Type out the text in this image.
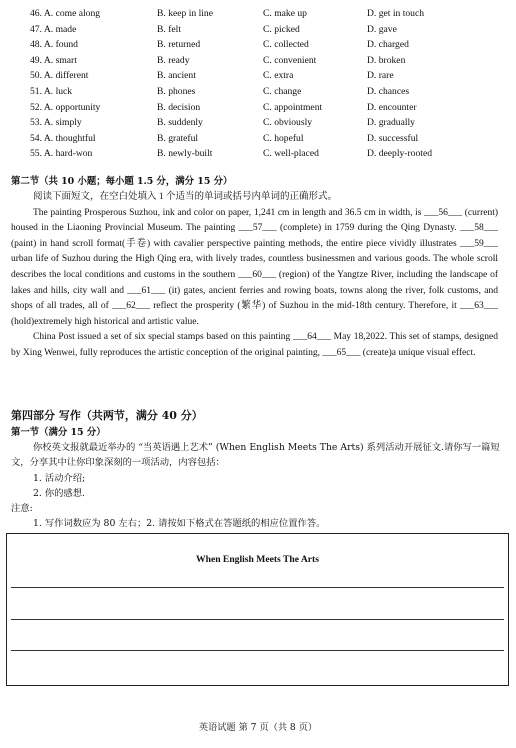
46. A. come along	B. keep in line	C. make up	D. get in touch
47. A. made	B. felt	C. picked	D. gave
48. A. found	B. returned	C. collected	D. charged
49. A. smart	B. ready	C. convenient	D. broken
50. A. different	B. ancient	C. extra	D. rare
51. A. luck	B. phones	C. change	D. chances
52. A. opportunity	B. decision	C. appointment	D. encounter
53. A. simply	B. suddenly	C. obviously	D. gradually
54. A. thoughtful	B. grateful	C. hopeful	D. successful
55. A. hard-won	B. newly-built	C. well-placed	D. deeply-rooted
第二节（共 10 小题；每小题 1.5 分，满分 15 分）

阅读下面短文，在空白处填入 1 个适当的单词或括号内单词的正确形式。

The painting Prosperous Suzhou, ink and color on paper, 1,241 cm in length and 36.5 cm in width, is ___56___ (current) housed in the Liaoning Provincial Museum. The painting ___57___ (complete) in 1759 during the Qing Dynasty. ___58___ (paint) in hand scroll format(手卷) with cavalier perspective painting methods, the entire piece vividly illustrates ___59___ urban life of Suzhou during the High Qing era, with lively trades, countless businessmen and various goods. The whole scroll describes the local conditions and customs in the southern ___60___ (region) of the Yangtze River, including the landscape of lakes and hills, city wall and ___61___ (it) gates, ancient ferries and rowing boats, towns along the river, folk customs, and shops of all trades, all of ___62___ reflect the prosperity (繁华) of Suzhou in the mid-18th century. Therefore, it ___63___ (hold)extremely high historical and artistic value.

China Post issued a set of six special stamps based on this painting ___64___ May 18,2022. This set of stamps, designed by Xing Wenwei, fully reproduces the artistic conception of the original painting, ___65___ (create)a unique visual effect.

第四部分 写作（共两节，满分 40 分）
第一节（满分 15 分）
你校英文报就最近举办的 “当英语遇上艺术” (When English Meets The Arts) 系列活动开展征文.请你写一篇短文，分享其中让你印象深刻的一项活动，内容包括：
1. 活动介绍;
2. 你的感想.
注意:
1. 写作词数应为 80 左右；2. 请按如下格式在答题纸的相应位置作答。
When English Meets The Arts
英语试题 第 7 页（共 8 页）
